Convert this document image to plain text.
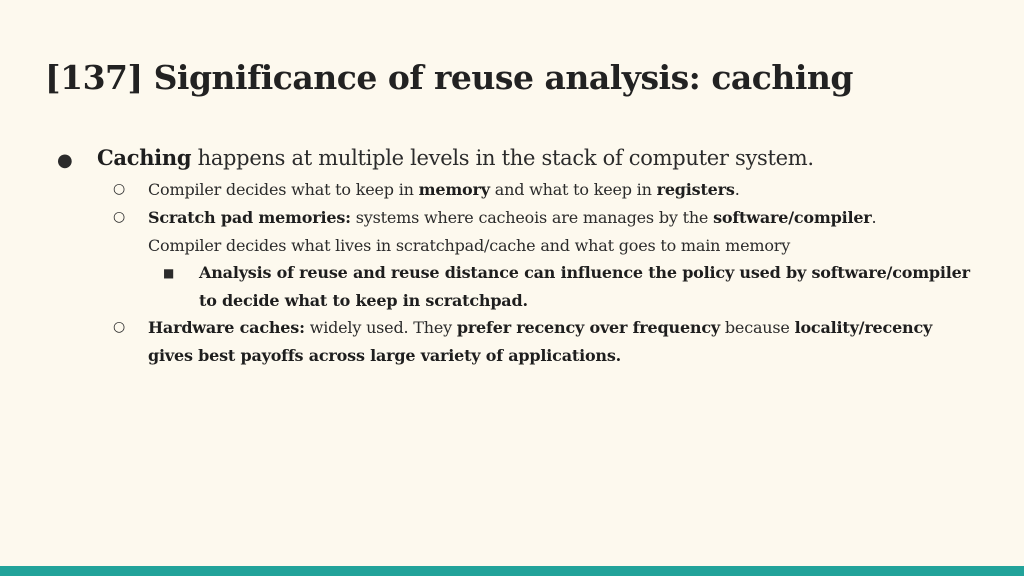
[137] Significance of reuse analysis: caching
● Caching happens at multiple levels in the stack of computer system.
○ Compiler decides what to keep in memory and what to keep in registers.
○ Scratch pad memories: systems where cacheois are manages by the software/compiler.
Compiler decides what lives in scratchpad/cache and what goes to main memory
■ Analysis of reuse and reuse distance can influence the policy used by software/compiler
to decide what to keep in scratchpad.
○ Hardware caches: widely used. They prefer recency over frequency because locality/recency
gives best payoffs across large variety of applications.
